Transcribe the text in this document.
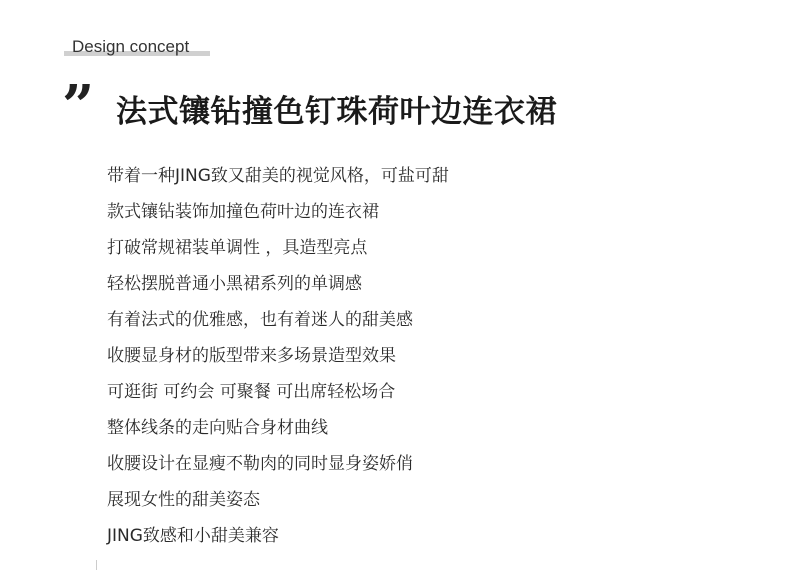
Design concept
” 法式镶钻撞色钉珠荷叶边连衣裙
带着一种JING致又甜美的视觉风格，可盐可甜
款式镶钻装饰加撞色荷叶边的连衣裙
打破常规裙装单调性 ，具造型亮点
轻松摆脱普通小黑裙系列的单调感
有着法式的优雅感，也有着迷人的甜美感
收腰显身材的版型带来多场景造型效果
可逛街 可约会 可聚餐 可出席轻松场合
整体线条的走向贴合身材曲线
收腰设计在显瘦不勒肉的同时显身姿娇俏
展现女性的甜美姿态
JING致感和小甜美兼容
